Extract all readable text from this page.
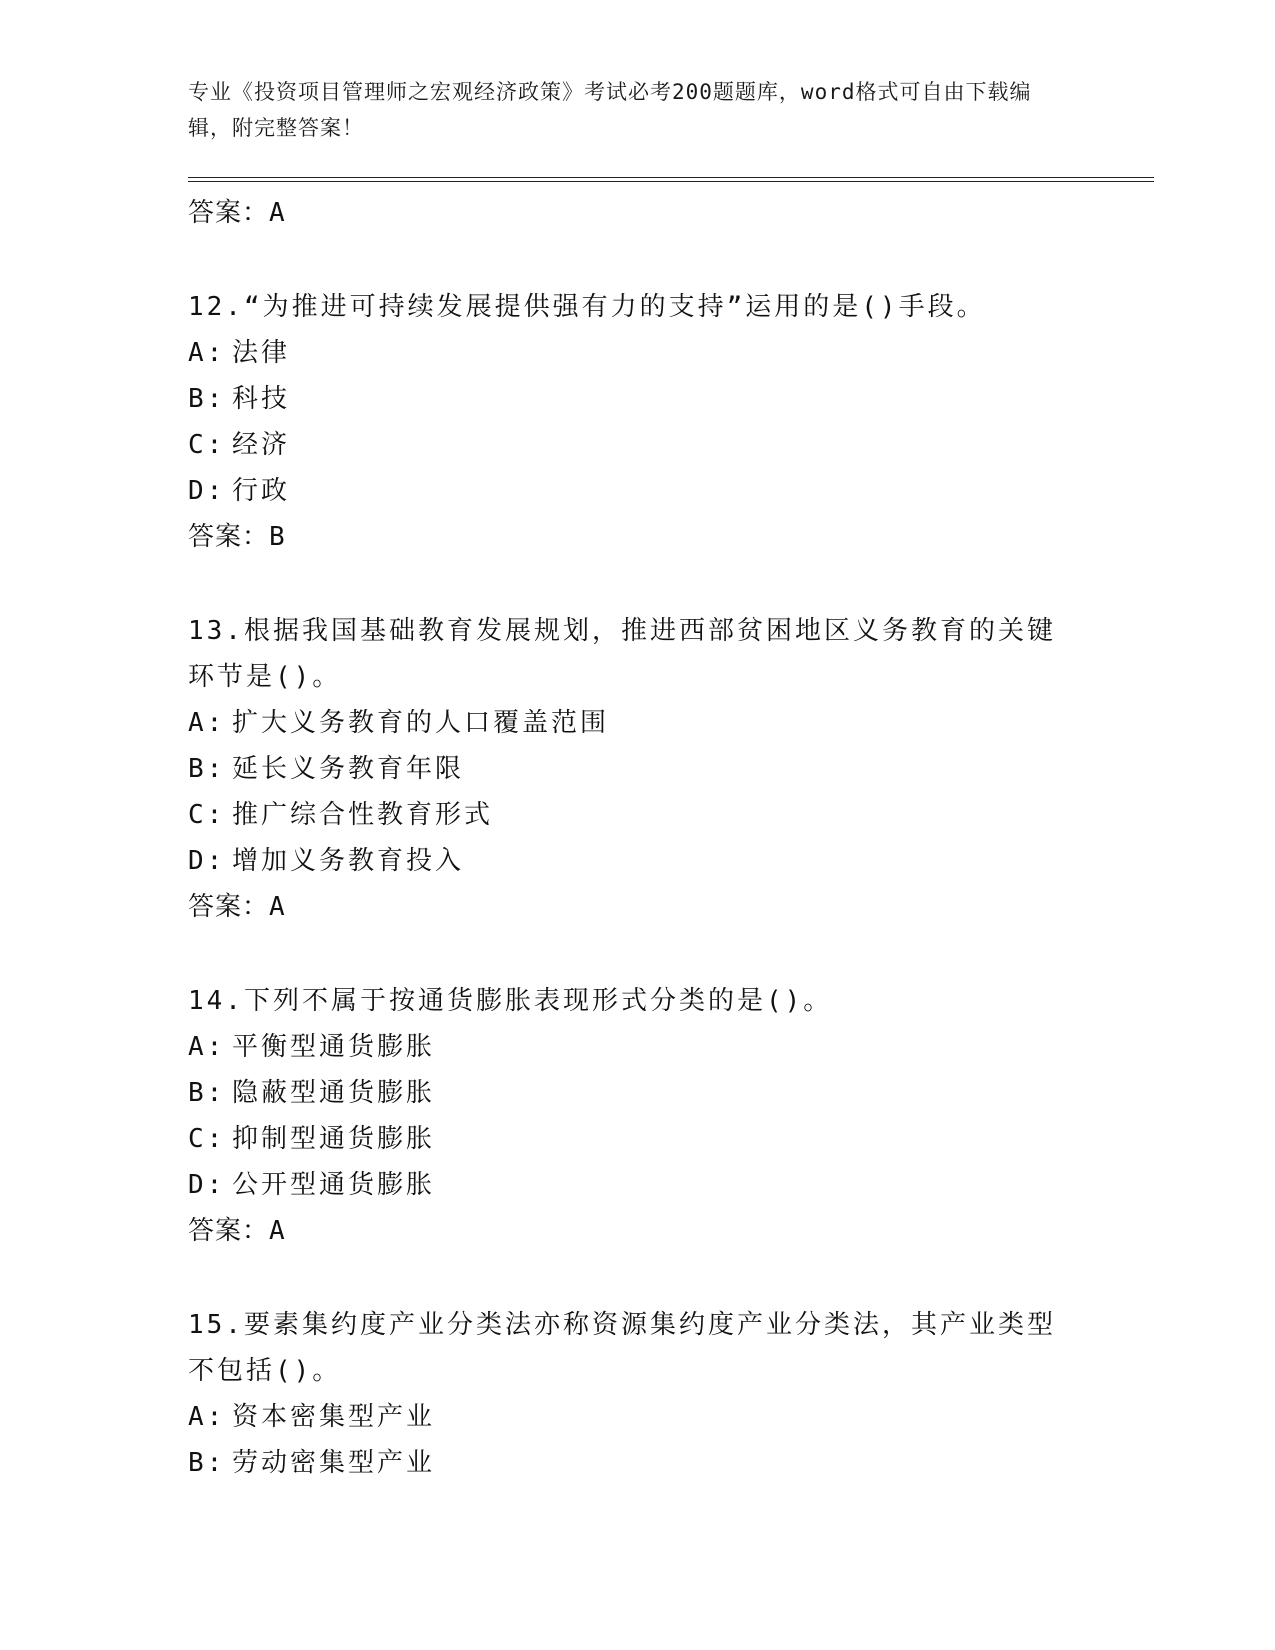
专业《投资项目管理师之宏观经济政策》考试必考200题题库，word格式可自由下载编辑，附完整答案！

答案：A

12.“为推进可持续发展提供强有力的支持”运用的是()手段。

A: 法律

B: 科技

C: 经济

D: 行政

答案：B

13.根据我国基础教育发展规划，推进西部贫困地区义务教育的关键环节是()。

A: 扩大义务教育的人口覆盖范围

B: 延长义务教育年限

C: 推广综合性教育形式

D: 增加义务教育投入

答案：A

14.下列不属于按通货膨胀表现形式分类的是()。

A: 平衡型通货膨胀

B: 隐蔽型通货膨胀

C: 抑制型通货膨胀

D: 公开型通货膨胀

答案：A

15.要素集约度产业分类法亦称资源集约度产业分类法，其产业类型不包括()。

A: 资本密集型产业

B: 劳动密集型产业
